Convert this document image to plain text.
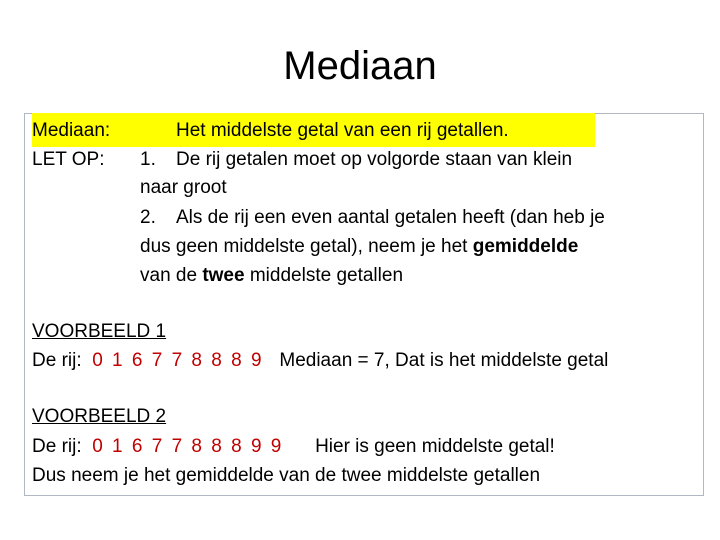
Mediaan
Mediaan:	Het middelste getal van een rij getallen.
LET OP: 1. De rij getalen moet op volgorde staan van klein
naar groot
2. Als de rij een even aantal getalen heeft (dan heb je
dus geen middelste getal), neem je het gemiddelde
van de twee middelste getallen
VOORBEELD 1
De rij: 0 1 6 7 7 8 8 8 9 Mediaan = 7, Dat is het middelste getal
VOORBEELD 2
De rij: 0 1 6 7 7 8 8 8 9 9 Hier is geen middelste getal!
Dus neem je het gemiddelde van de twee middelste getallen
